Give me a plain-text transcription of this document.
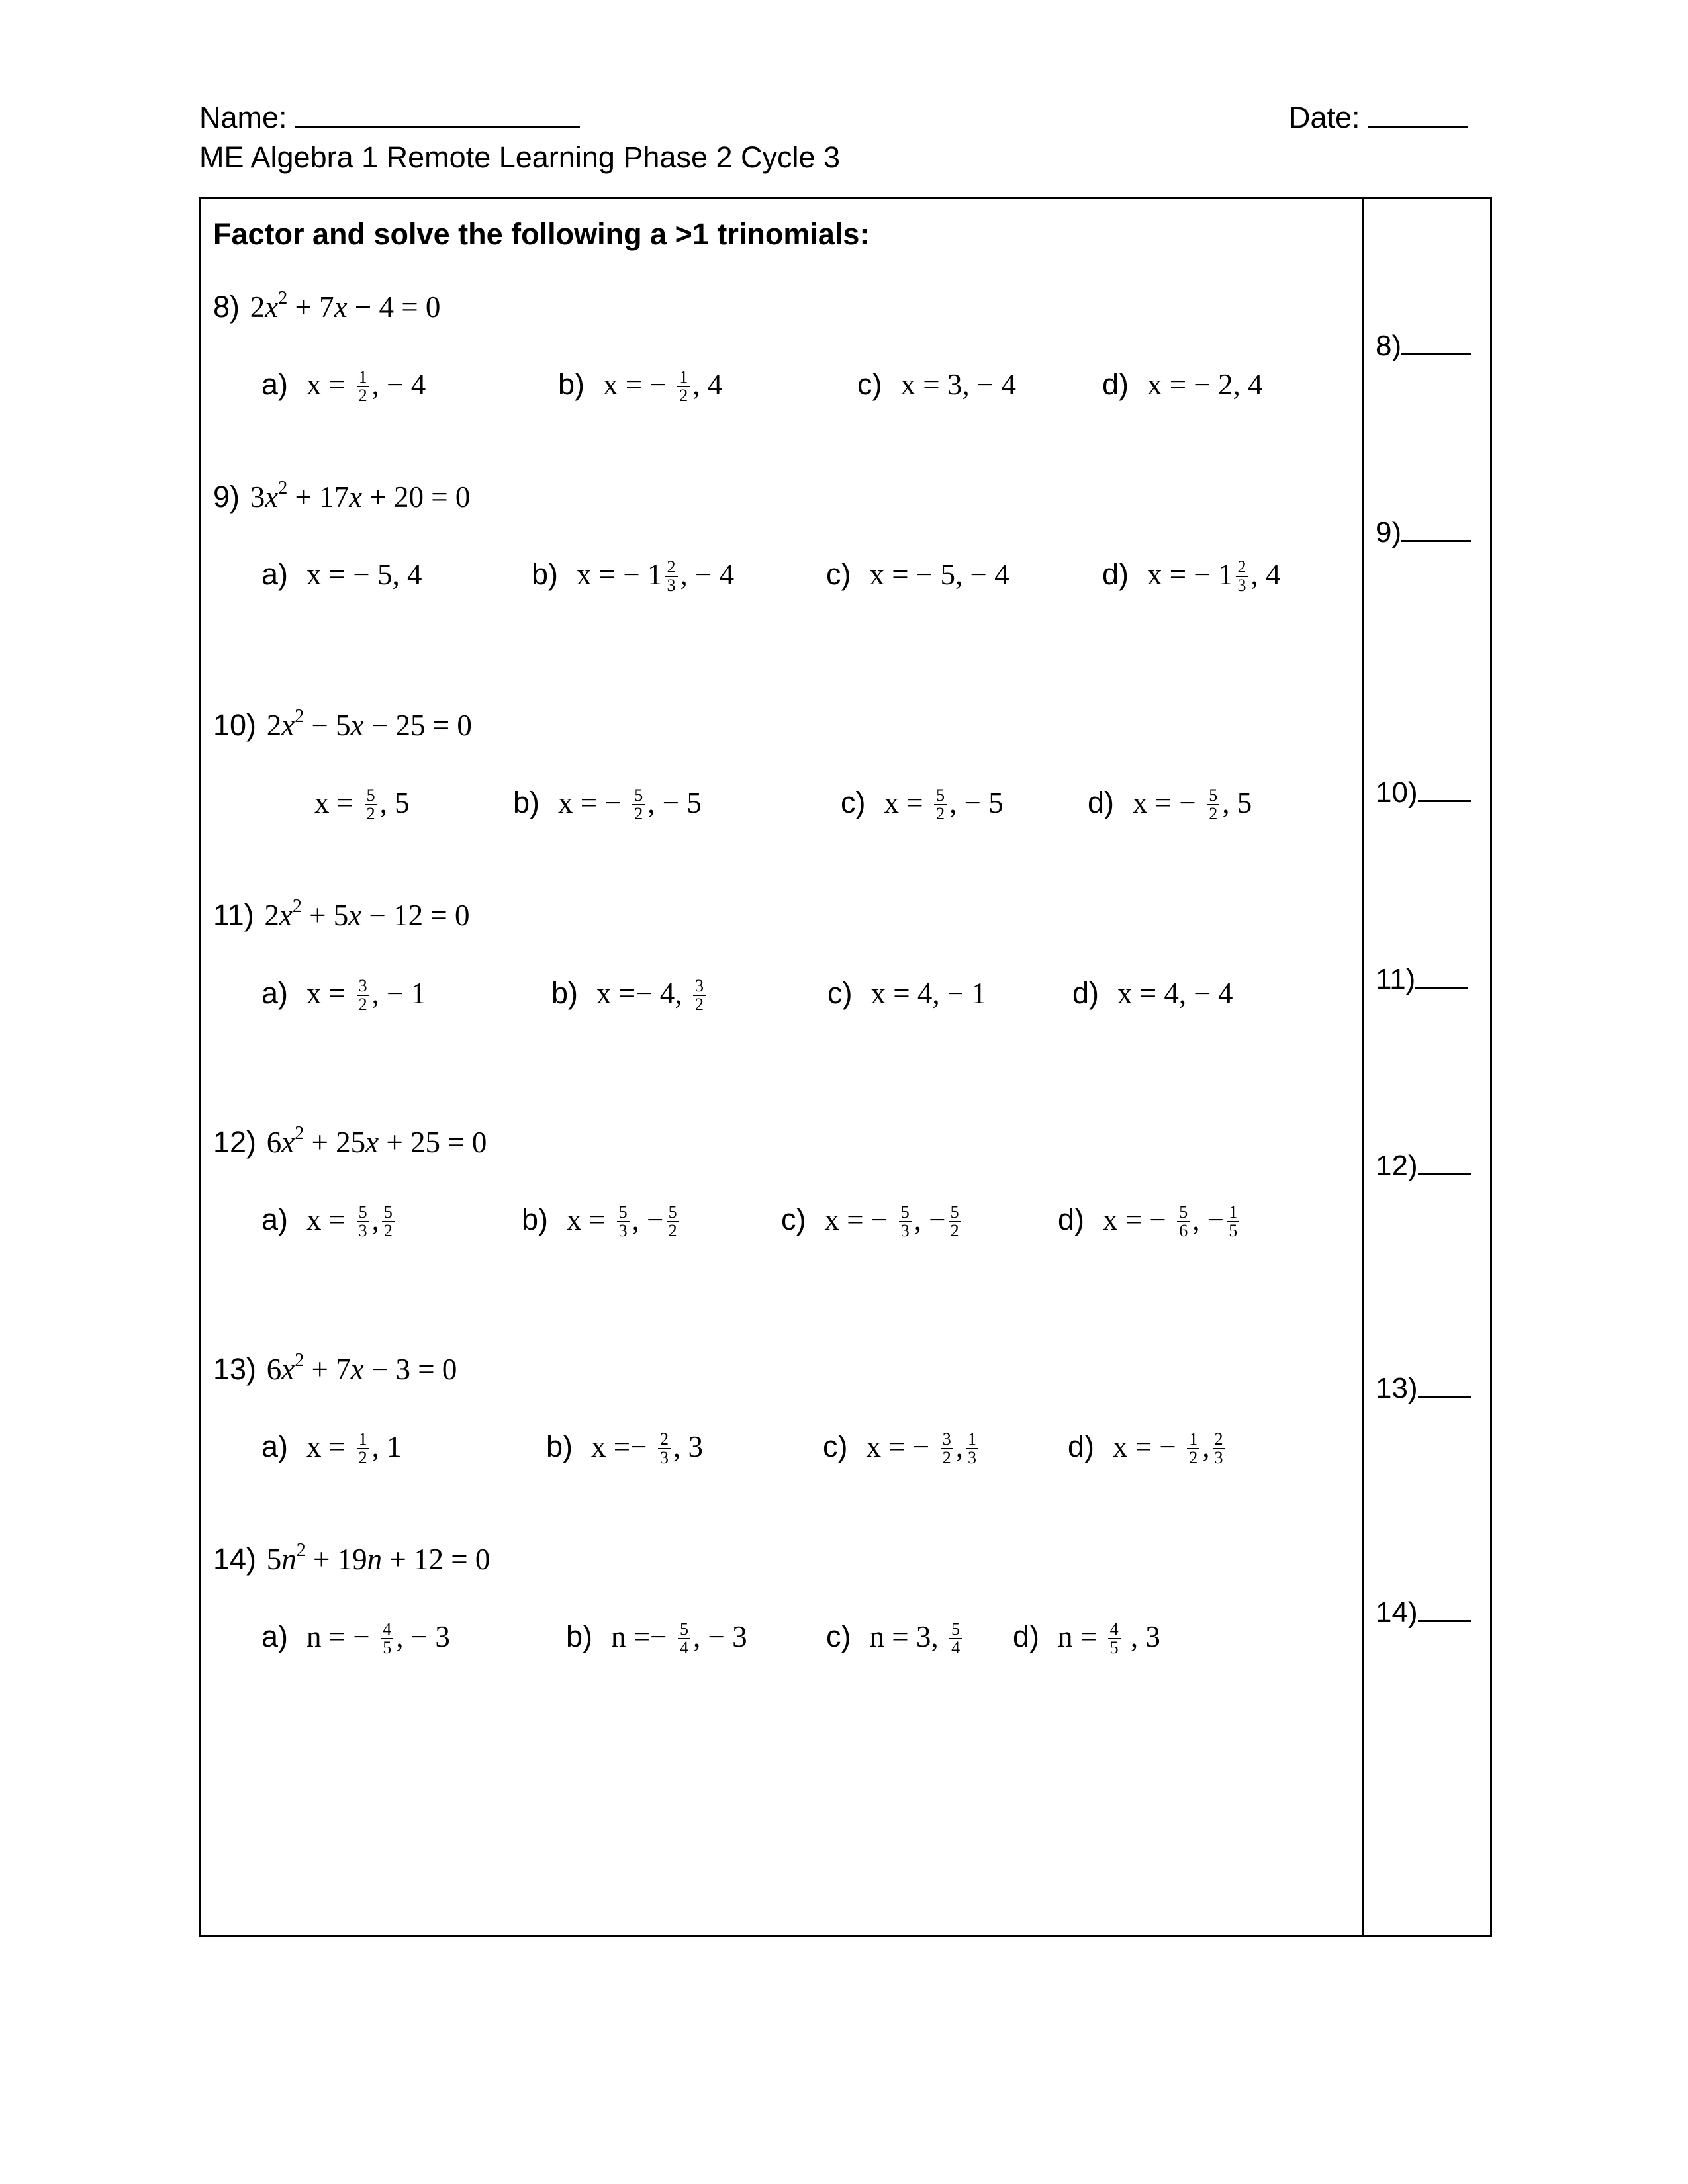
Name:	Date:
ME Algebra 1 Remote Learning Phase 2 Cycle 3
Factor and solve the following a >1 trinomials:
8) $2x^2 + 7x - 4 = 0$
a) $x = \frac{1}{2}$ , − 4	b) x = − $\frac{1}{2}$ , 4	c) x = 3, − 4	d) x = − 2, 4
9) $3x^2 + 17x + 20 = 0$
a) x = − 5, 4	b) x = − $1 \frac{2}{3}$ , − 4	c) x = − 5, − 4	d) x = − $1 \frac{2}{3}$ , 4
10) $2x^2 - 5x - 25 = 0$
$x = \frac{5}{2}$ , 5	b) x = − $\frac{5}{2}$ , − 5	c) $x = \frac{5}{2}$ , − 5	d) x = − $\frac{5}{2}$ , 5
11) $2x^2 + 5x - 12 = 0$
a) $x = \frac{3}{2}$ , − 1	b) x =− 4, $\frac{3}{2}$	c) x = 4, − 1	d) x = 4, − 4
12) $6x^2 + 25x + 25 = 0$
a) $x = \frac{5}{3}$ , $\frac{5}{2}$	b) $x = \frac{5}{3}$ , − $\frac{5}{2}$	c) x = − $\frac{5}{3}$ , − $\frac{5}{2}$	d) x = − $\frac{5}{6}$ , − $\frac{1}{5}$
13) $6x^2 + 7x - 3 = 0$
a) $x = \frac{1}{2}$ , 1	b) $x =- \frac{2}{3}$ , 3	c) x = − $\frac{3}{2}$ , $\frac{1}{3}$	d) x = − $\frac{1}{2}$ , $\frac{2}{3}$
14) $5n^2 + 19n + 12 = 0$
a) n = − $\frac{4}{5}$ , − 3	b) $n =- \frac{5}{4}$ , − 3	c) n = 3, $\frac{5}{4} d$) $n = \frac{4}{5}$ , 3
8)
9)
10)
11)
12)
13)
14)
